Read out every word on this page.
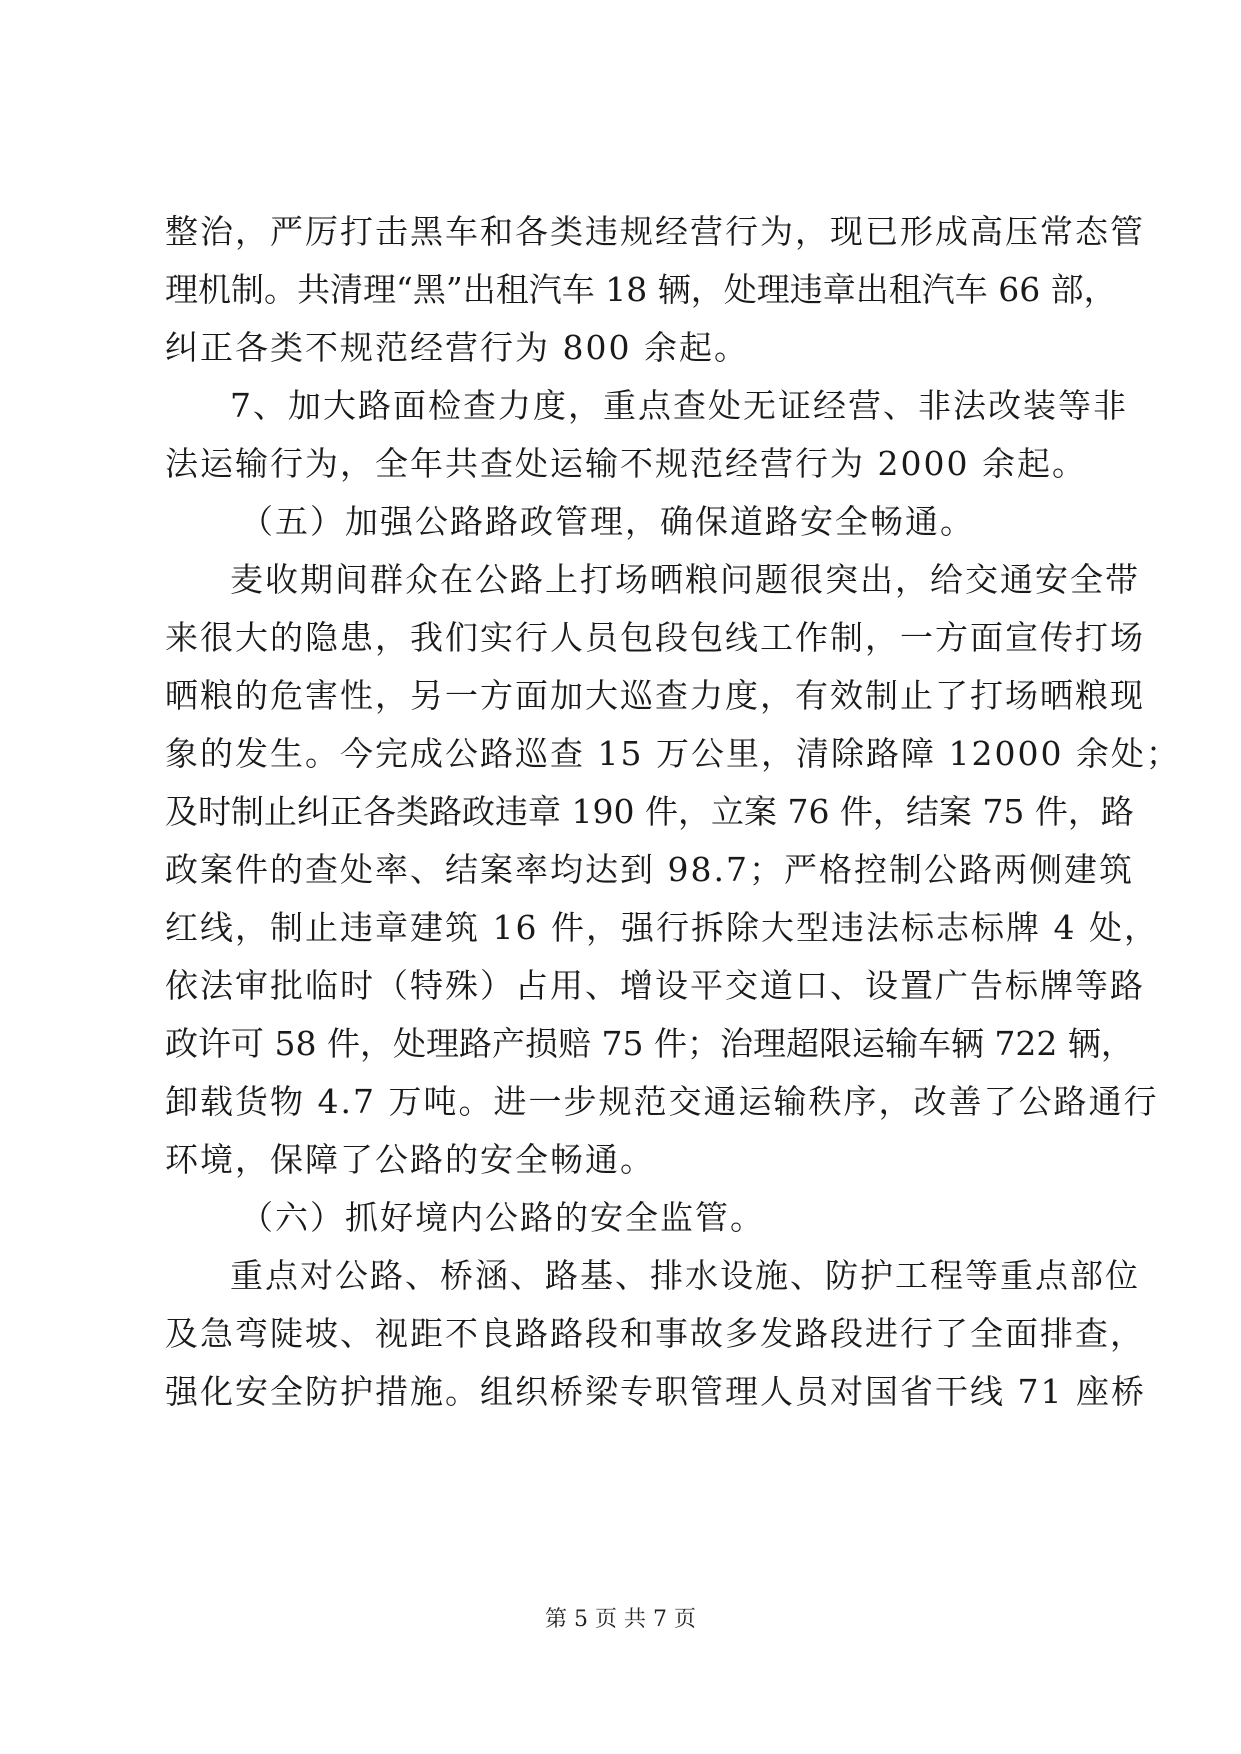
整治，严厉打击黑车和各类违规经营行为，现已形成高压常态管

理机制。共清理“黑”出租汽车 18 辆，处理违章出租汽车 66 部，

纠正各类不规范经营行为 800 余起。

7、加大路面检查力度，重点查处无证经营、非法改装等非

法运输行为，全年共查处运输不规范经营行为 2000 余起。

（五）加强公路路政管理，确保道路安全畅通。

麦收期间群众在公路上打场晒粮问题很突出，给交通安全带

来很大的隐患，我们实行人员包段包线工作制，一方面宣传打场

晒粮的危害性，另一方面加大巡查力度，有效制止了打场晒粮现

象的发生。今完成公路巡查 15 万公里，清除路障 12000 余处；

及时制止纠正各类路政违章 190 件，立案 76 件，结案 75 件，路

政案件的查处率、结案率均达到 98.7；严格控制公路两侧建筑

红线，制止违章建筑 16 件，强行拆除大型违法标志标牌 4 处，

依法审批临时（特殊）占用、增设平交道口、设置广告标牌等路

政许可 58 件，处理路产损赔 75 件；治理超限运输车辆 722 辆，

卸载货物 4.7 万吨。进一步规范交通运输秩序，改善了公路通行

环境，保障了公路的安全畅通。

（六）抓好境内公路的安全监管。

重点对公路、桥涵、路基、排水设施、防护工程等重点部位

及急弯陡坡、视距不良路路段和事故多发路段进行了全面排查，

强化安全防护措施。组织桥梁专职管理人员对国省干线 71 座桥

第 5 页 共 7 页
